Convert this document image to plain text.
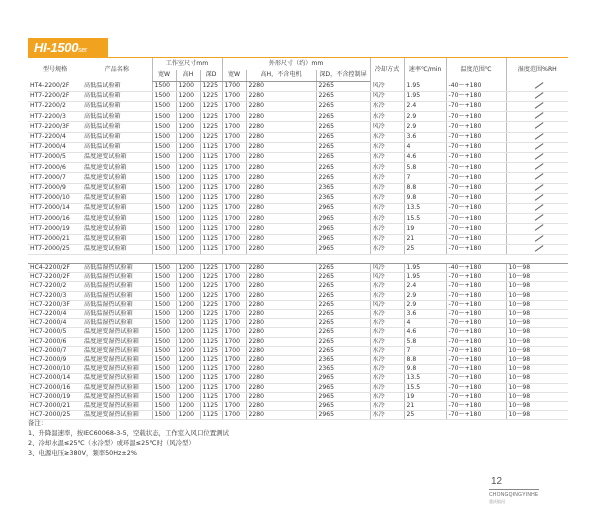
HI-1500ser
型号规格	产品名称	工作室尺寸mm			外形尺寸（约）mm			冷却方式	速率℃/min	温度范围℃	湿度范围%RH
		宽W	高H	深D	宽W	高H，不含电机	深D，不含控制屏				
HT4-2200/2F	高低温试验箱	1500	1200	1225	1700	2280	2265	风冷	1.95	-40～+180	
HT7-2200/2F	高低温试验箱	1500	1200	1225	1700	2280	2265	风冷	1.95	-70～+180	
HT7-2200/2	高低温试验箱	1500	1200	1225	1700	2280	2265	水冷	2.4	-70～+180	
HT7-2200/3	高低温试验箱	1500	1200	1225	1700	2280	2265	水冷	2.9	-70～+180	
HT7-2200/3F	高低温试验箱	1500	1200	1225	1700	2280	2265	风冷	2.9	-70～+180	
HT7-2200/4	高低温试验箱	1500	1200	1225	1700	2280	2265	水冷	3.6	-70～+180	
HT7-2000/4	高低温试验箱	1500	1200	1125	1700	2280	2265	水冷	4	-70～+180	
HT7-2000/5	温度速变试验箱	1500	1200	1125	1700	2280	2265	水冷	4.6	-70～+180	
HT7-2000/6	温度速变试验箱	1500	1200	1125	1700	2280	2265	水冷	5.8	-70～+180	
HT7-2000/7	温度速变试验箱	1500	1200	1125	1700	2280	2265	水冷	7	-70～+180	
HT7-2000/9	温度速变试验箱	1500	1200	1125	1700	2280	2365	水冷	8.8	-70～+180	
HT7-2000/10	温度速变试验箱	1500	1200	1125	1700	2280	2365	水冷	9.8	-70～+180	
HT7-2000/14	温度速变试验箱	1500	1200	1125	1700	2280	2965	水冷	13.5	-70～+180	
HT7-2000/16	温度速变试验箱	1500	1200	1125	1700	2280	2965	水冷	15.5	-70～+180	
HT7-2000/19	温度速变试验箱	1500	1200	1125	1700	2280	2965	水冷	19	-70～+180	
HT7-2000/21	温度速变试验箱	1500	1200	1125	1700	2280	2965	水冷	21	-70～+180	
HT7-2000/25	温度速变试验箱	1500	1200	1125	1700	2280	2965	水冷	25	-70～+180	

HC4-2200/2F	高低温湿热试验箱	1500	1200	1225	1700	2280	2265	风冷	1.95	-40～+180	10～98
HC7-2200/2F	高低温湿热试验箱	1500	1200	1225	1700	2280	2265	风冷	1.95	-70～+180	10～98
HC7-2200/2	高低温湿热试验箱	1500	1200	1225	1700	2280	2265	水冷	2.4	-70～+180	10～98
HC7-2200/3	高低温湿热试验箱	1500	1200	1225	1700	2280	2265	水冷	2.9	-70～+180	10～98
HC7-2200/3F	高低温湿热试验箱	1500	1200	1225	1700	2280	2265	风冷	2.9	-70～+180	10～98
HC7-2200/4	高低温湿热试验箱	1500	1200	1225	1700	2280	2265	水冷	3.6	-70～+180	10～98
HC7-2000/4	高低温湿热试验箱	1500	1200	1125	1700	2280	2265	水冷	4	-70～+180	10～98
HC7-2000/5	温度速变湿热试验箱	1500	1200	1125	1700	2280	2265	水冷	4.6	-70～+180	10～98
HC7-2000/6	温度速变湿热试验箱	1500	1200	1125	1700	2280	2265	水冷	5.8	-70～+180	10～98
HC7-2000/7	温度速变湿热试验箱	1500	1200	1125	1700	2280	2265	水冷	7	-70～+180	10～98
HC7-2000/9	温度速变湿热试验箱	1500	1200	1125	1700	2280	2365	水冷	8.8	-70～+180	10～98
HC7-2000/10	温度速变湿热试验箱	1500	1200	1125	1700	2280	2365	水冷	9.8	-70～+180	10～98
HC7-2000/14	温度速变湿热试验箱	1500	1200	1125	1700	2280	2965	水冷	13.5	-70～+180	10～98
HC7-2000/16	温度速变湿热试验箱	1500	1200	1125	1700	2280	2965	水冷	15.5	-70～+180	10～98
HC7-2000/19	温度速变湿热试验箱	1500	1200	1125	1700	2280	2965	水冷	19	-70～+180	10～98
HC7-2000/21	温度速变湿热试验箱	1500	1200	1125	1700	2280	2965	水冷	21	-70～+180	10～98
HC7-2000/25	温度速变湿热试验箱	1500	1200	1125	1700	2280	2965	水冷	25	-70～+180	10～98
备注：
1、升降温速率，按IEC60068-3-5，空载状态，工作室入风口位置测试
2、冷却水温≤25℃（水冷型）或环温≤25℃时（风冷型）
3、电源电压≥380V，频率50Hz±2%
12
CHONGQINGYINHE
重庆银河
